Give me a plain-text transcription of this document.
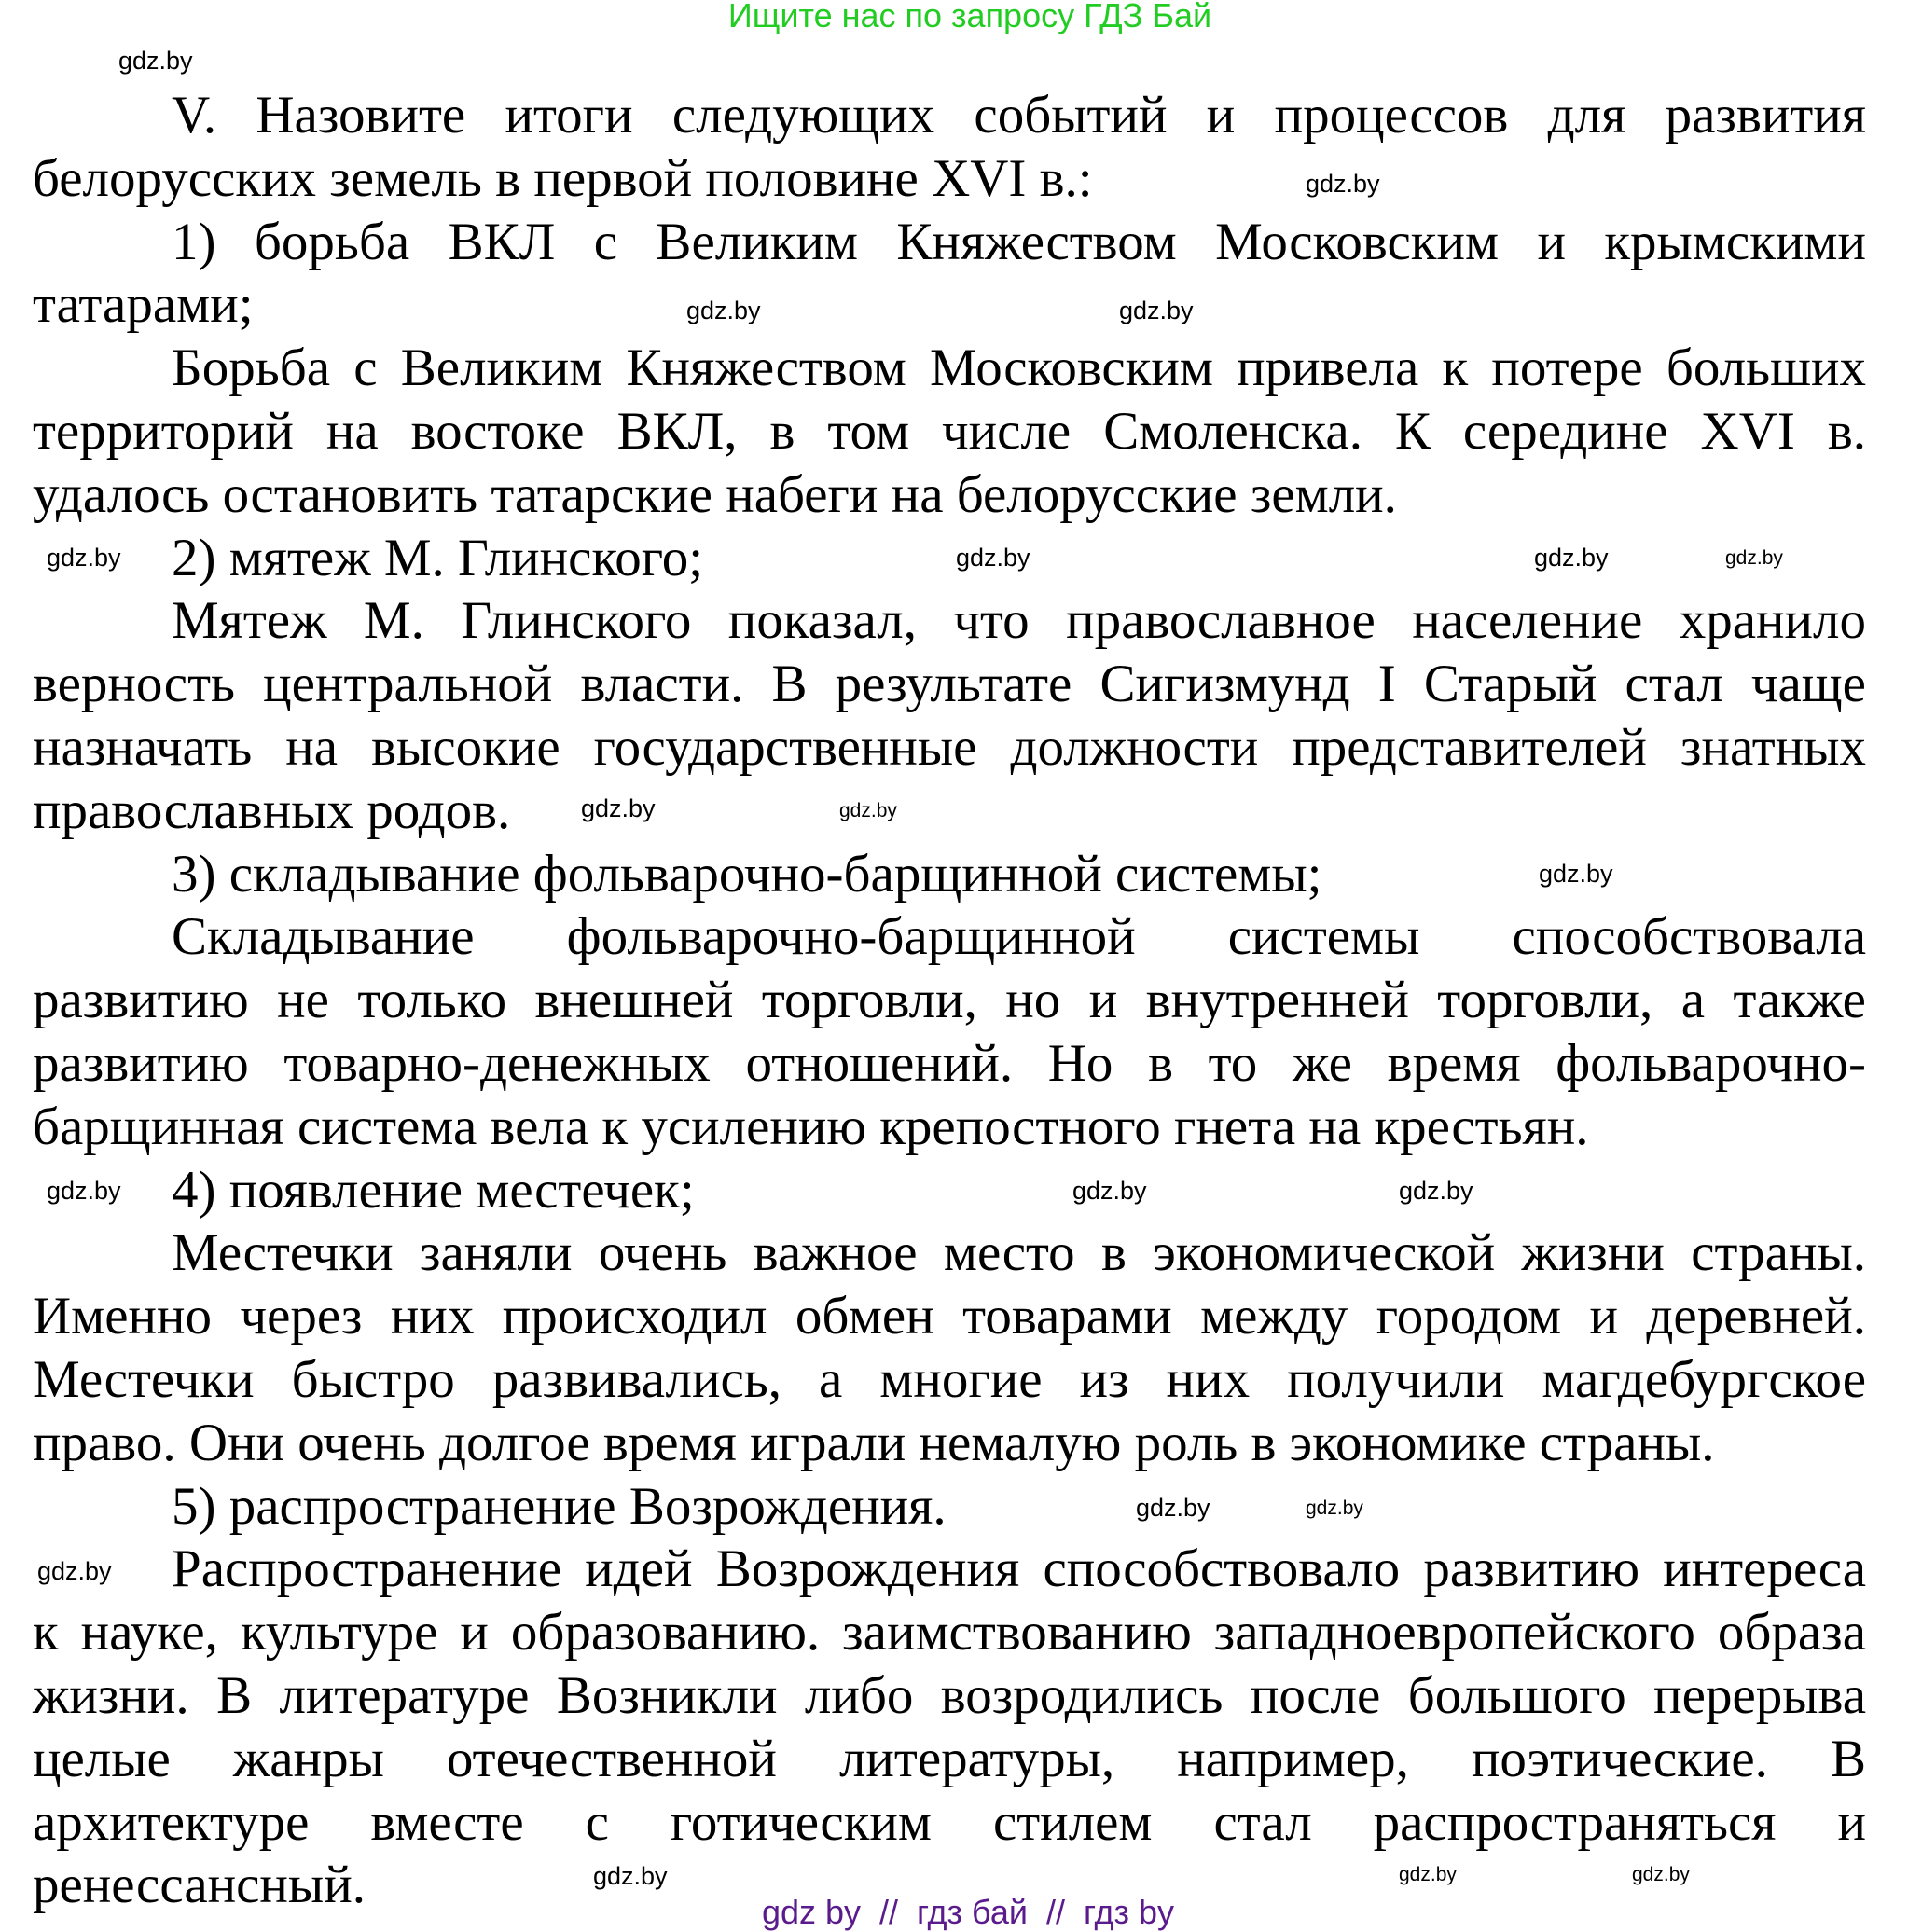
Ищите нас по запросу ГДЗ Бай
V. Назовите итоги следующих событий и процессов для развития
белорусских земель в первой половине XVI в.:
1) борьба ВКЛ с Великим Княжеством Московским и крымскими
татарами;
Борьба с Великим Княжеством Московским привела к потере больших
территорий на востоке ВКЛ, в том числе Смоленска. К середине XVI в.
удалось остановить татарские набеги на белорусские земли.
2) мятеж М. Глинского;
Мятеж М. Глинского показал, что православное население хранило
верность центральной власти. В результате Сигизмунд I Старый стал чаще
назначать на высокие государственные должности представителей знатных
православных родов.
3) складывание фольварочно-барщинной системы;
Складывание фольварочно-барщинной системы способствовала
развитию не только внешней торговли, но и внутренней торговли, а также
развитию товарно-денежных отношений. Но в то же время фольварочно-
барщинная система вела к усилению крепостного гнета на крестьян.
4) появление местечек;
Местечки заняли очень важное место в экономической жизни страны.
Именно через них происходил обмен товарами между городом и деревней.
Местечки быстро развивались, а многие из них получили магдебургское
право. Они очень долгое время играли немалую роль в экономике страны.
5) распространение Возрождения.
Распространение идей Возрождения способствовало развитию интереса
к науке, культуре и образованию. заимствованию западноевропейского образа
жизни. В литературе Возникли либо возродились после большого перерыва
целые жанры отечественной литературы, например, поэтические. В
архитектуре вместе с готическим стилем стал распространяться и
ренессансный.
gdz.by
gdz.by
gdz.by	gdz.by
gdz.by	gdz.by	gdz.by
gdz.by
gdz.by	gdz.by
gdz.by
gdz.by	gdz.by
gdz.by
gdz.by	gdz.by
gdz.by
gdz.by	gdz.by	gdz.by
gdz by  //  гдз бай  //  гдз by
